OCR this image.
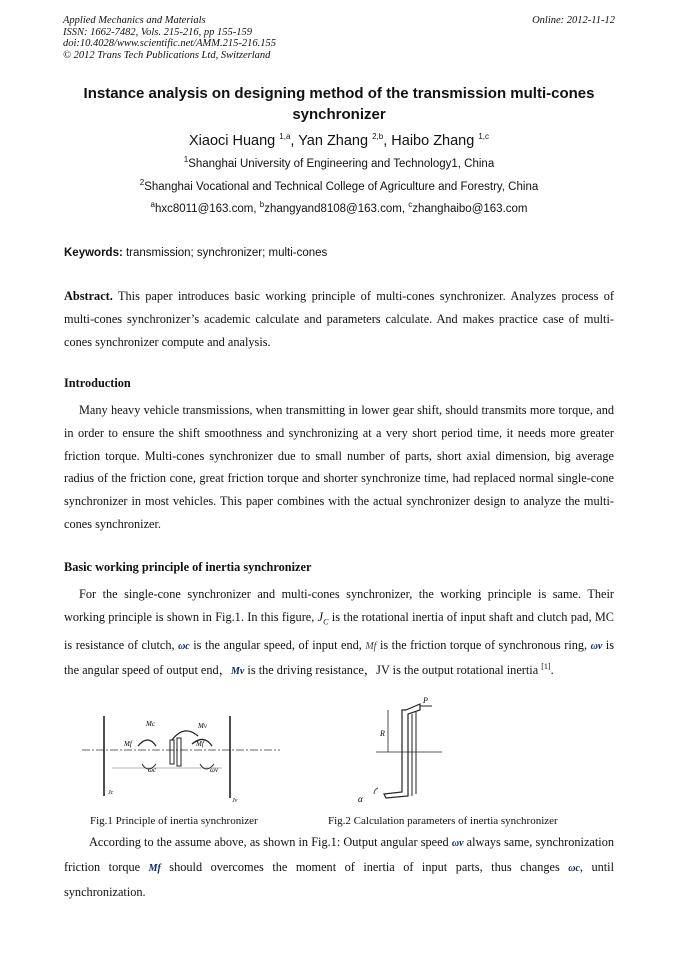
Applied Mechanics and Materials
ISSN: 1662-7482, Vols. 215-216, pp 155-159
doi:10.4028/www.scientific.net/AMM.215-216.155
© 2012 Trans Tech Publications Ltd, Switzerland
Online: 2012-11-12
Instance analysis on designing method of the transmission multi-cones synchronizer
Xiaoci Huang $^{1,a}$, Yan Zhang $^{2,b}$, Haibo Zhang $^{1,c}$
$^1$Shanghai University of Engineering and Technology1, China
$^2$Shanghai Vocational and Technical College of Agriculture and Forestry, China
$^a$hxc8011@163.com, $^b$zhangyand8108@163.com, $^c$zhanghaibo@163.com
Keywords: transmission; synchronizer; multi-cones
Abstract. This paper introduces basic working principle of multi-cones synchronizer. Analyzes process of multi-cones synchronizer’s academic calculate and parameters calculate. And makes practice case of multi-cones synchronizer compute and analysis.
Introduction
Many heavy vehicle transmissions, when transmitting in lower gear shift, should transmits more torque, and in order to ensure the shift smoothness and synchronizing at a very short period time, it needs more greater friction torque. Multi-cones synchronizer due to small number of parts, short axial dimension, big average radius of the friction cone, great friction torque and shorter synchronize time, had replaced normal single-cone synchronizer in most vehicles. This paper combines with the actual synchronizer design to analyze the multi-cones synchronizer.
Basic working principle of inertia synchronizer
For the single-cone synchronizer and multi-cones synchronizer, the working principle is same. Their working principle is shown in Fig.1. In this figure, $J_C$ is the rotational inertia of input shaft and clutch pad, MC is resistance of clutch, ωc is the angular speed, of input end, Mf is the friction torque of synchronous ring, ωv is the angular speed of output end，Mv is the driving resistance，JV is the output rotational inertia [1].
Mc
Mf
Mv
Mf
ωc	ωv
Jc
Jv
Fig.1 Principle of inertia synchronizer
P
R
α
Fig.2 Calculation parameters of inertia synchronizer
According to the assume above, as shown in Fig.1: Output angular speed ωv always same, synchronization friction torque Mf should overcomes the moment of inertia of input parts, thus changes ωc, until synchronization.
